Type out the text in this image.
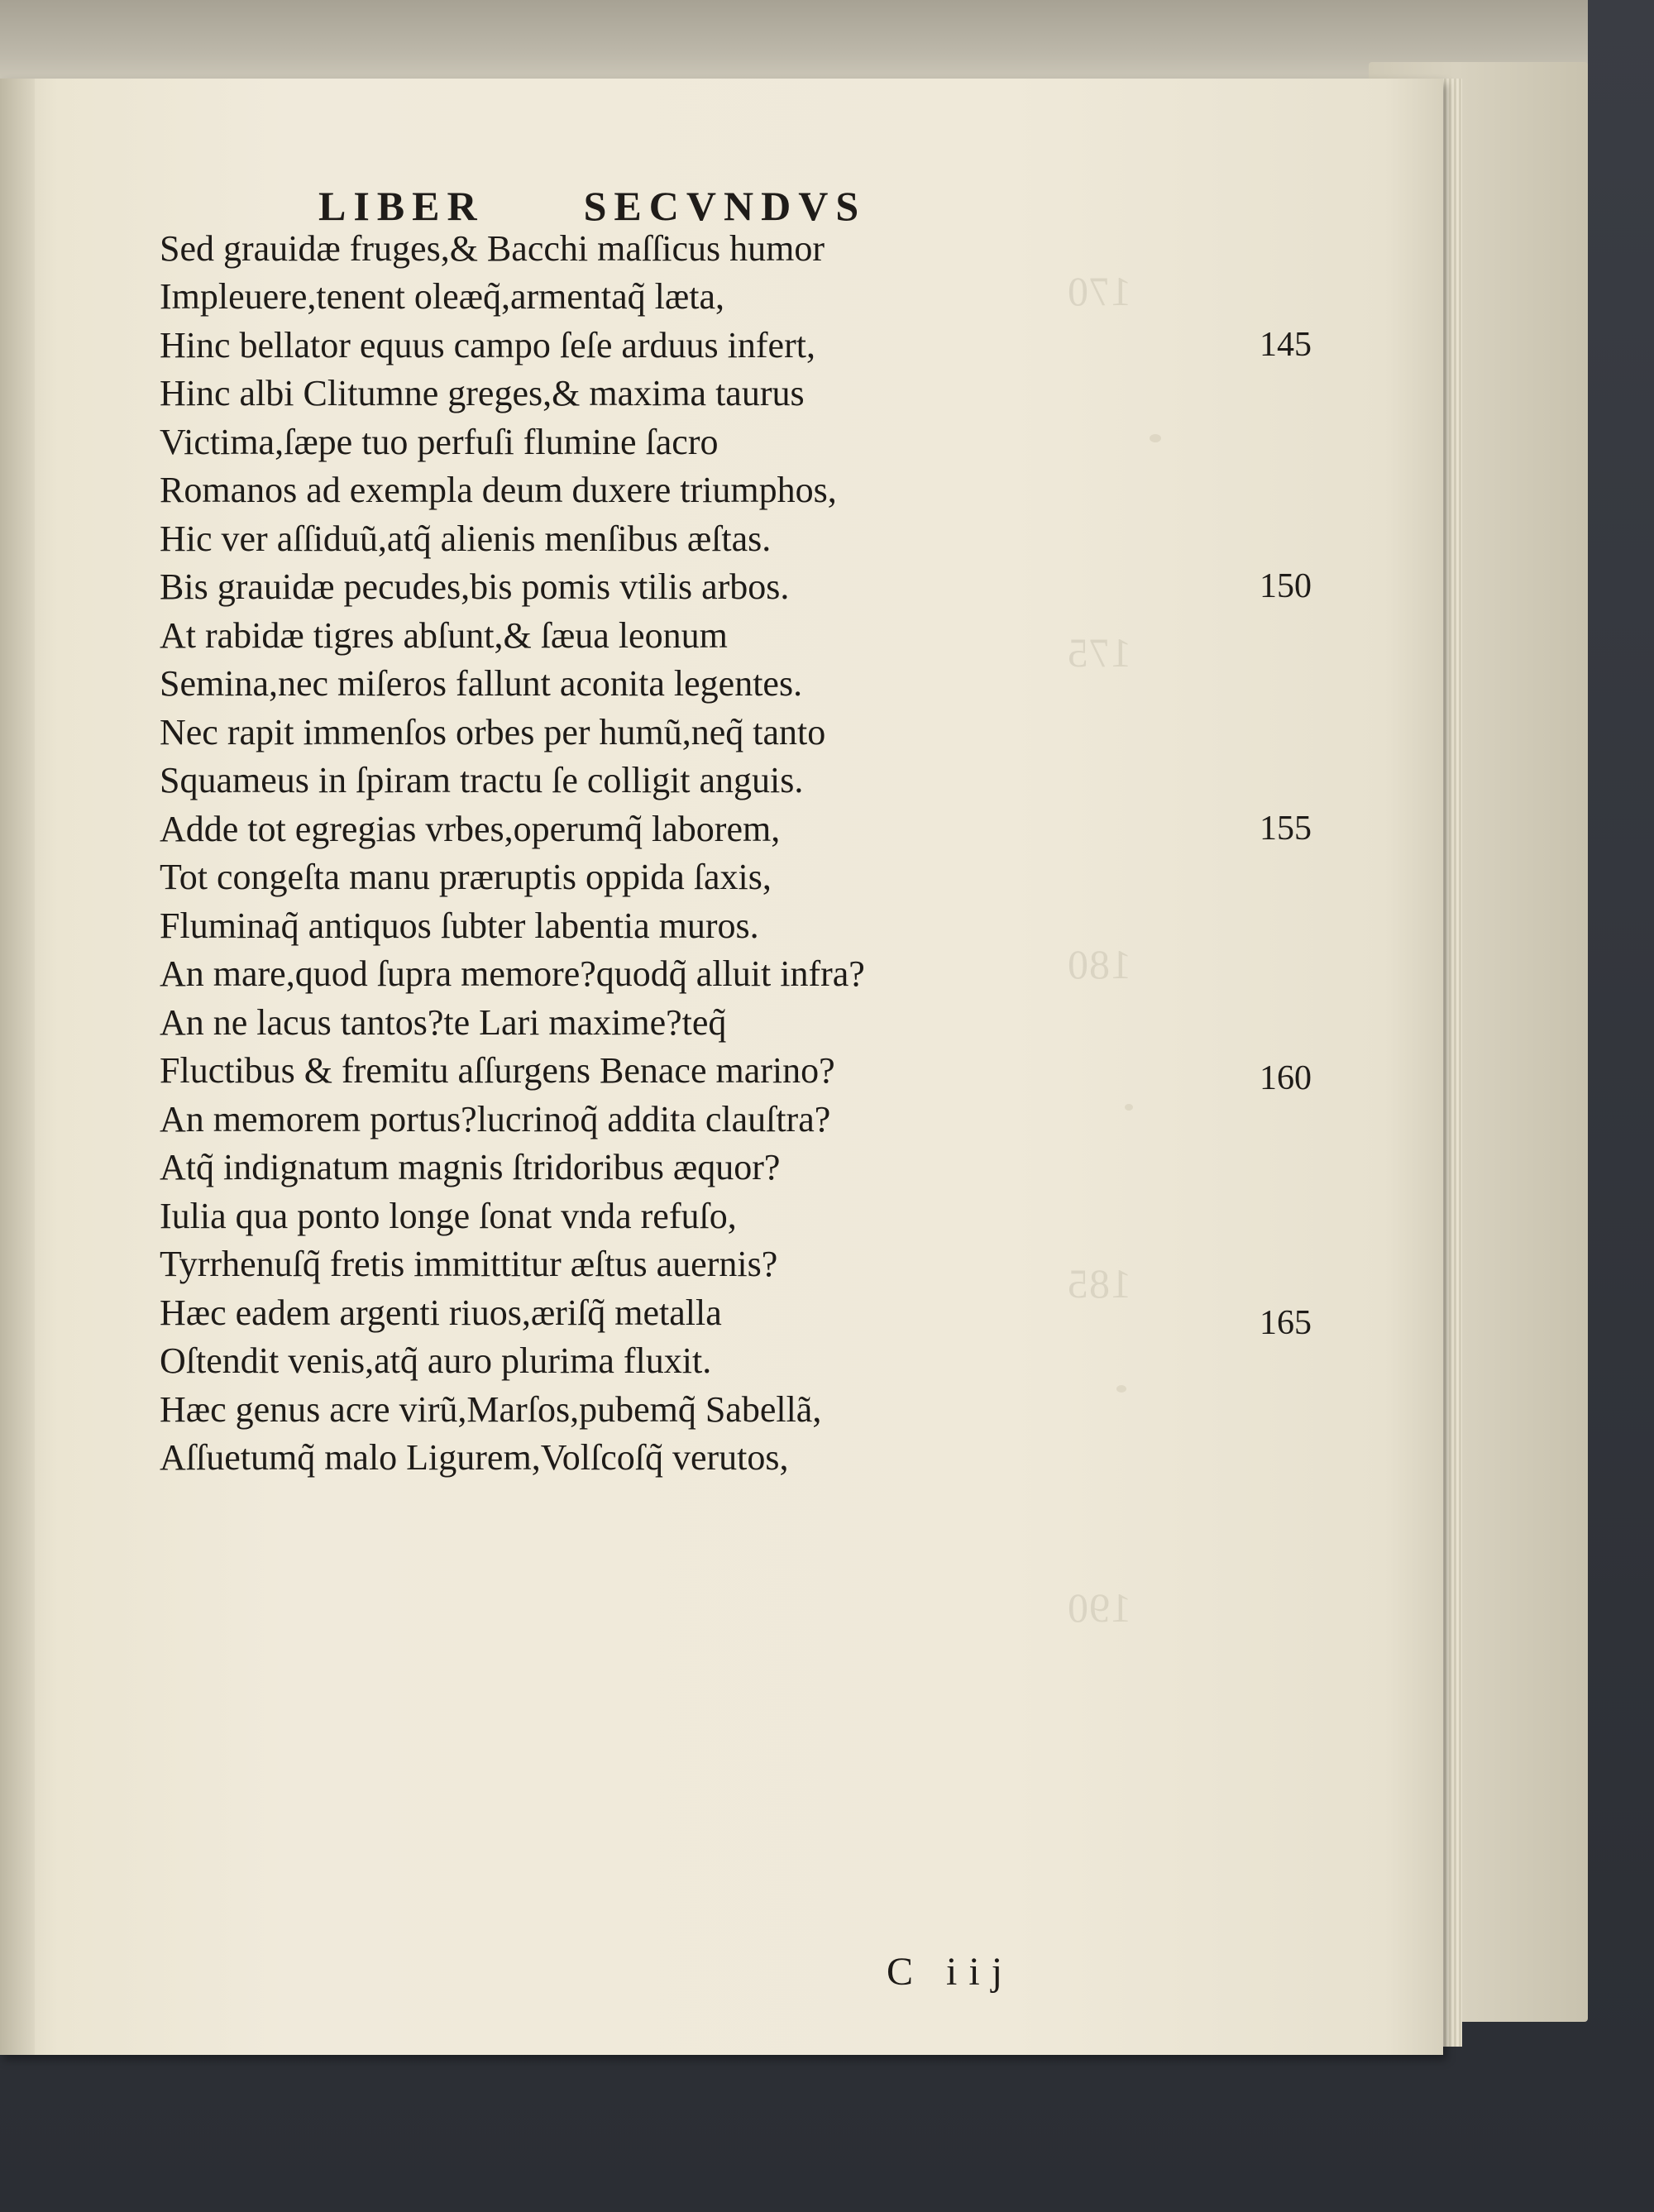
170
175
180
185
190
LIBER SECVNDVS
Sed grauidæ fruges,& Bacchi maſſicus humor
Impleuere,tenent oleæq̃,armentaq̃ læta,
Hinc bellator equus campo ſeſe arduus infert,
Hinc albi Clitumne greges,& maxima taurus
Victima,ſæpe tuo perfuſi flumine ſacro
Romanos ad exempla deum duxere triumphos,
Hic ver aſſiduũ,atq̃ alienis menſibus æſtas.
Bis grauidæ pecudes,bis pomis vtilis arbos.
At rabidæ tigres abſunt,& ſæua leonum
Semina,nec miſeros fallunt aconita legentes.
Nec rapit immenſos orbes per humũ,neq̃ tanto
Squameus in ſpiram tractu ſe colligit anguis.
Adde tot egregias vrbes,operumq̃ laborem,
Tot congeſta manu præruptis oppida ſaxis,
Fluminaq̃ antiquos ſubter labentia muros.
An mare,quod ſupra memore?quodq̃ alluit infra?
An ne lacus tantos?te Lari maxime?teq̃
Fluctibus & fremitu aſſurgens Benace marino?
An memorem portus?lucrinoq̃ addita clauſtra?
Atq̃ indignatum magnis ſtridoribus æquor?
Iulia qua ponto longe ſonat vnda refuſo,
Tyrrhenuſq̃ fretis immittitur æſtus auernis?
Hæc eadem argenti riuos,æriſq̃ metalla
Oſtendit venis,atq̃ auro plurima fluxit.
Hæc genus acre virũ,Marſos,pubemq̃ Sabellã,
Aſſuetumq̃ malo Ligurem,Volſcoſq̃ verutos,
145
150
155
160
165
C iij
